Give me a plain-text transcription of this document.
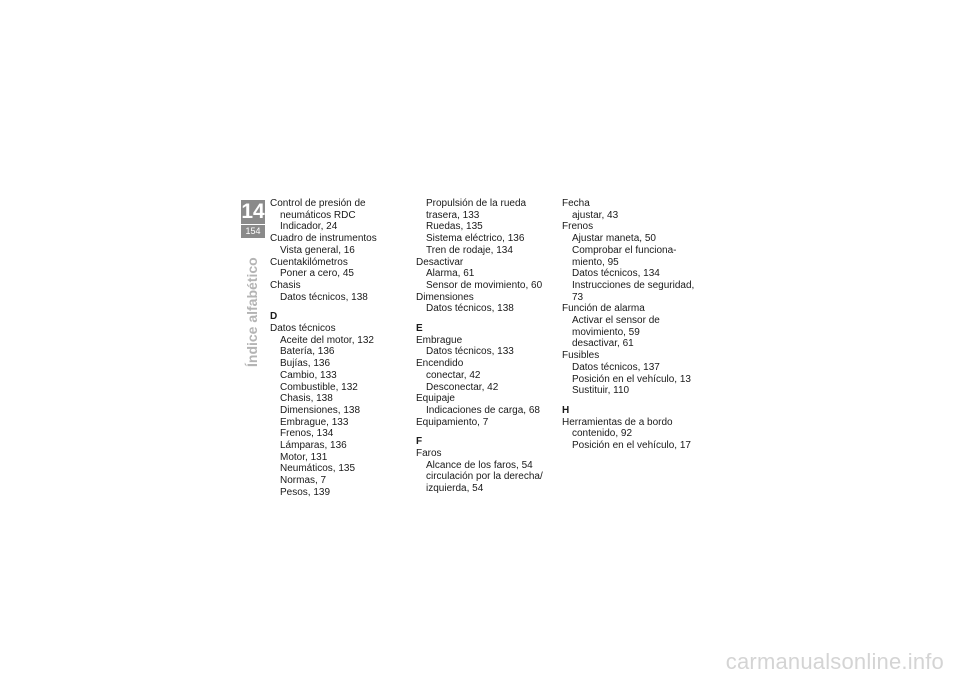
14
154
Índice alfabético
Control de presión de
neumáticos RDC
Indicador, 24
Cuadro de instrumentos
Vista general, 16
Cuentakilómetros
Poner a cero, 45
Chasis
Datos técnicos, 138
D
Datos técnicos
Aceite del motor, 132
Batería, 136
Bujías, 136
Cambio, 133
Combustible, 132
Chasis, 138
Dimensiones, 138
Embrague, 133
Frenos, 134
Lámparas, 136
Motor, 131
Neumáticos, 135
Normas, 7
Pesos, 139
Propulsión de la rueda
trasera, 133
Ruedas, 135
Sistema eléctrico, 136
Tren de rodaje, 134
Desactivar
Alarma, 61
Sensor de movimiento, 60
Dimensiones
Datos técnicos, 138
E
Embrague
Datos técnicos, 133
Encendido
conectar, 42
Desconectar, 42
Equipaje
Indicaciones de carga, 68
Equipamiento, 7
F
Faros
Alcance de los faros, 54
circulación por la derecha/
izquierda, 54
Fecha
ajustar, 43
Frenos
Ajustar maneta, 50
Comprobar el funciona-
miento, 95
Datos técnicos, 134
Instrucciones de seguridad, 73
Función de alarma
Activar el sensor de
movimiento, 59
desactivar, 61
Fusibles
Datos técnicos, 137
Posición en el vehículo, 13
Sustituir, 110
H
Herramientas de a bordo
contenido, 92
Posición en el vehículo, 17
carmanualsonline.info
